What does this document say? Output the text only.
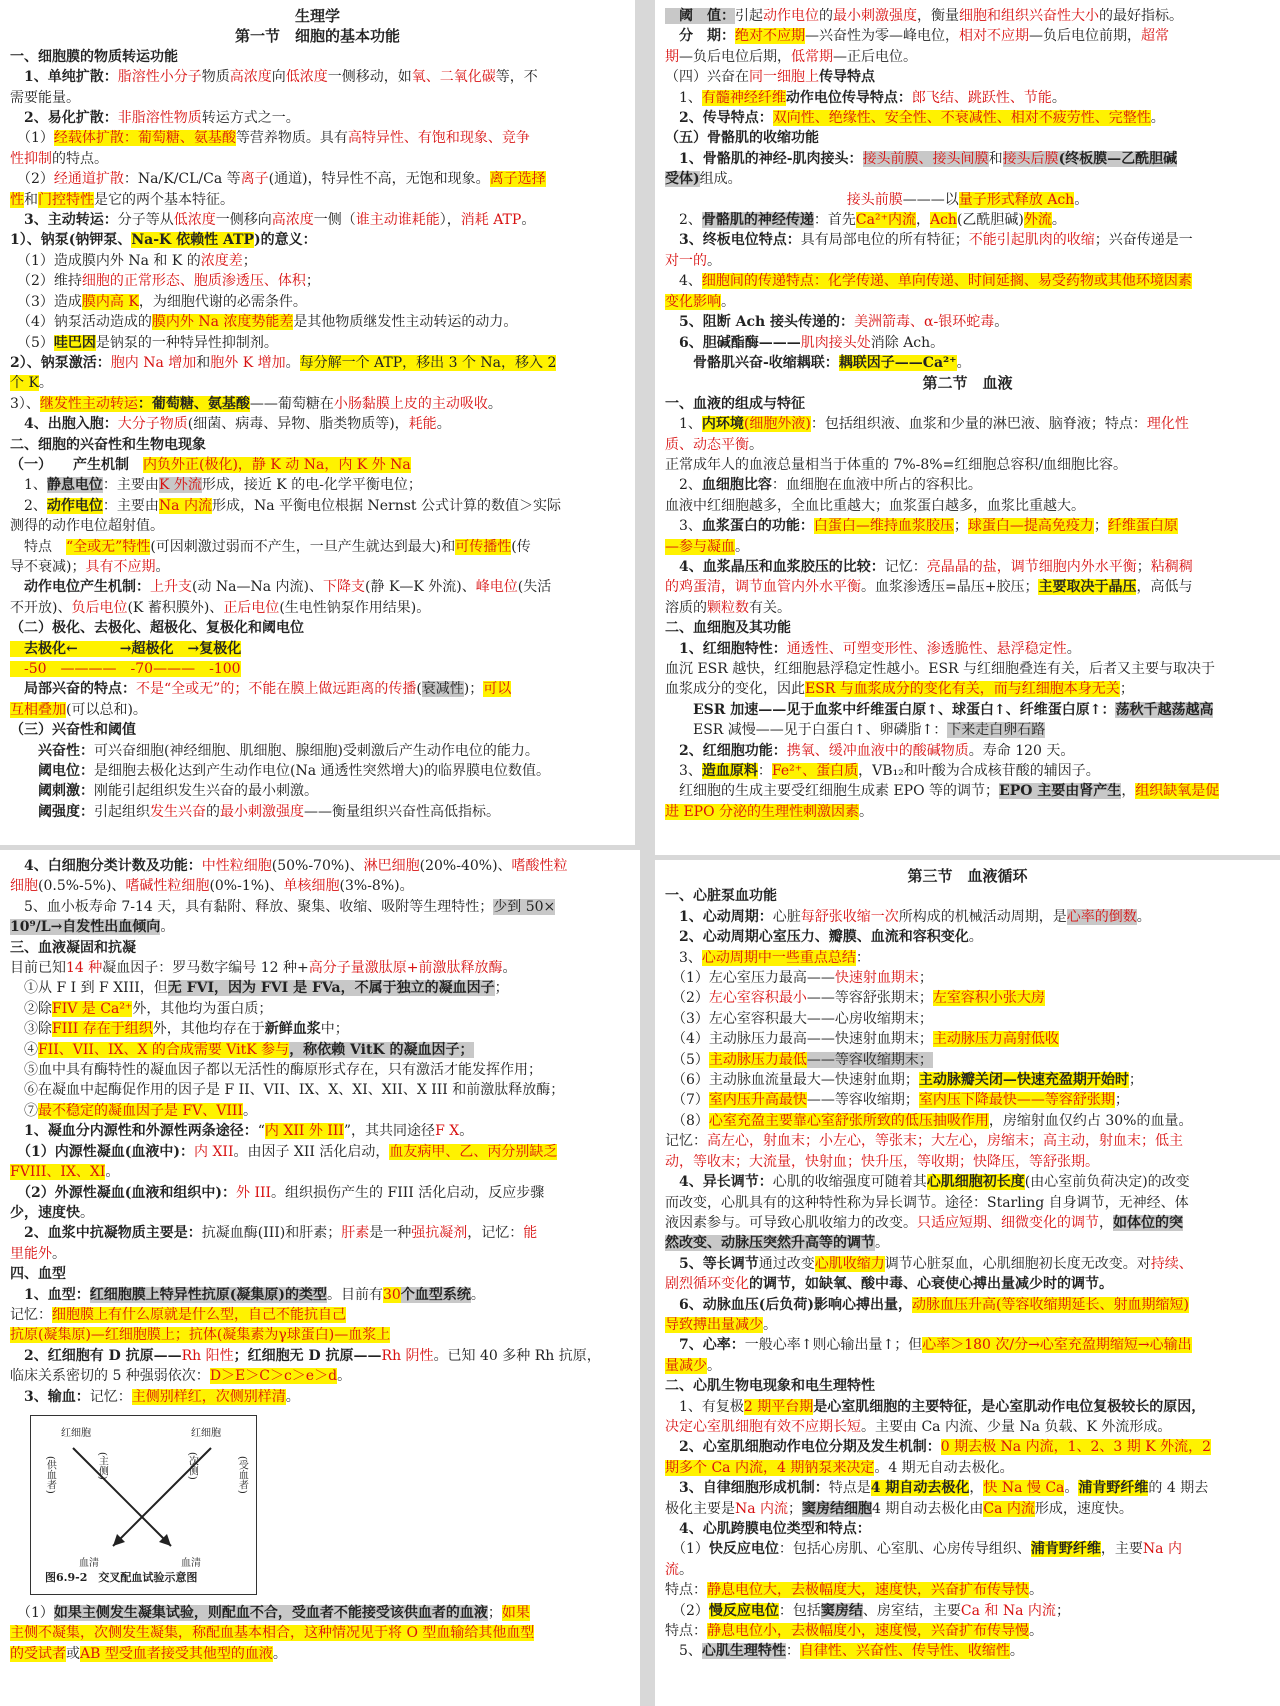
生理学
第一节　细胞的基本功能
一、细胞膜的物质转运功能
　1、单纯扩散：脂溶性小分子物质高浓度向低浓度一侧移动，如氧、二氧化碳等，不
需要能量。
　2、易化扩散：非脂溶性物质转运方式之一。
　（1）经载体扩散：葡萄糖、氨基酸等营养物质。具有高特异性、有饱和现象、竞争
性抑制的特点。
　（2）经通道扩散：Na/K/CL/Ca 等离子(通道)，特异性不高，无饱和现象。离子选择
性和门控特性是它的两个基本特征。
　3、主动转运：分子等从低浓度一侧移向高浓度一侧（谁主动谁耗能），消耗 ATP。
1）、钠泵(钠钾泵、Na-K 依赖性 ATP)的意义：
　（1）造成膜内外 Na 和 K 的浓度差；
　（2）维持细胞的正常形态、胞质渗透压、体积；
　（3）造成膜内高 K，为细胞代谢的必需条件。
　（4）钠泵活动造成的膜内外 Na 浓度势能差是其他物质继发性主动转运的动力。
　（5）哇巴因是钠泵的一种特异性抑制剂。
2）、钠泵激活：胞内 Na 增加和胞外 K 增加。每分解一个 ATP，移出 3 个 Na，移入 2
个 K。
3）、继发性主动转运：葡萄糖、氨基酸——葡萄糖在小肠黏膜上皮的主动吸收。
　4、出胞入胞：大分子物质(细菌、病毒、异物、脂类物质等)，耗能。
二、细胞的兴奋性和生物电现象
（一）　　产生机制　 内负外正(极化)，静 K 动 Na，内 K 外 Na
　1、静息电位：主要由K 外流形成，接近 K 的电-化学平衡电位；
　2、动作电位：主要由Na 内流形成，Na 平衡电位根据 Nernst 公式计算的数值＞实际
测得的动作电位超射值。
　特点　“全或无”特性(可因刺激过弱而不产生，一旦产生就达到最大)和可传播性(传
导不衰减)；具有不应期。
　动作电位产生机制：上升支(动 Na—Na 内流)、下降支(静 K—K 外流)、峰电位(失活
不开放)、负后电位(K 蓄积膜外)、正后电位(生电性钠泵作用结果)。
（二）极化、去极化、超极化、复极化和阈电位
　去极化←　　　→超极化　→复极化
　-50　————　-70———　-100
　局部兴奋的特点：不是“全或无”的；不能在膜上做远距离的传播(衰减性)；可以
互相叠加(可以总和)。
（三）兴奋性和阈值
　　兴奋性：可兴奋细胞(神经细胞、肌细胞、腺细胞)受刺激后产生动作电位的能力。
　　阈电位：是细胞去极化达到产生动作电位(Na 通透性突然增大)的临界膜电位数值。
　　阈刺激：刚能引起组织发生兴奋的最小刺激。
　　阈强度：引起组织发生兴奋的最小刺激强度——衡量组织兴奋性高低指标。
　阈　值：引起动作电位的最小刺激强度，衡量细胞和组织兴奋性大小的最好指标。
　分　期：绝对不应期—兴奋性为零—峰电位，相对不应期—负后电位前期，超常
期—负后电位后期，低常期—正后电位。
（四）兴奋在同一细胞上传导特点
　1、有髓神经纤维动作电位传导特点：郎飞结、跳跃性、节能。
　2、传导特点：双向性、绝缘性、安全性、不衰减性、相对不疲劳性、完整性。
（五）骨骼肌的收缩功能
　1、骨骼肌的神经-肌肉接头：接头前膜、接头间膜和接头后膜(终板膜—乙酰胆碱
受体)组成。
接头前膜———以量子形式释放 Ach。
　2、骨骼肌的神经传递：首先Ca²⁺内流，Ach(乙酰胆碱)外流。
　3、终板电位特点：具有局部电位的所有特征；不能引起肌肉的收缩；兴奋传递是一
对一的。
　4、细胞间的传递特点：化学传递、单向传递、时间延搁、易受药物或其他环境因素
变化影响。
　5、阻断 Ach 接头传递的：美洲箭毒、α-银环蛇毒。
　6、胆碱酯酶———肌肉接头处消除 Ach。
　　骨骼肌兴奋-收缩耦联：耦联因子——Ca²⁺。
第二节　血液
一、血液的组成与特征
　1、内环境(细胞外液)：包括组织液、血浆和少量的淋巴液、脑脊液；特点：理化性
质、动态平衡。
正常成年人的血液总量相当于体重的 7%-8%=红细胞总容积/血细胞比容。
　2、血细胞比容：血细胞在血液中所占的容积比。
血液中红细胞越多，全血比重越大；血浆蛋白越多，血浆比重越大。
　3、血浆蛋白的功能：白蛋白—维持血浆胶压；球蛋白—提高免疫力；纤维蛋白原
—参与凝血。
　4、血浆晶压和血浆胶压的比较：记忆：亮晶晶的盐，调节细胞内外水平衡；粘稠稠
的鸡蛋清，调节血管内外水平衡。血浆渗透压=晶压+胶压；主要取决于晶压，高低与
溶质的颗粒数有关。
二、血细胞及其功能
　1、红细胞特性：通透性、可塑变形性、渗透脆性、悬浮稳定性。
血沉 ESR 越快，红细胞悬浮稳定性越小。ESR 与红细胞叠连有关，后者又主要与取决于
血浆成分的变化，因此ESR 与血浆成分的变化有关，而与红细胞本身无关；
　　ESR 加速——见于血浆中纤维蛋白原↑、球蛋白↑、纤维蛋白原↑：荡秋千越荡越高
　　ESR 减慢——见于白蛋白↑、卵磷脂↑：下来走白卵石路
　2、红细胞功能：携氧、缓冲血液中的酸碱物质。寿命 120 天。
　3、造血原料：Fe²⁺、蛋白质，VB₁₂和叶酸为合成核苷酸的辅因子。
　红细胞的生成主要受红细胞生成素 EPO 等的调节；EPO 主要由肾产生，组织缺氧是促
进 EPO 分泌的生理性刺激因素。
　4、白细胞分类计数及功能：中性粒细胞(50%-70%)、淋巴细胞(20%-40%)、嗜酸性粒
细胞(0.5%-5%)、嗜碱性粒细胞(0%-1%)、单核细胞(3%-8%)。
　5、血小板寿命 7-14 天，具有黏附、释放、聚集、收缩、吸附等生理特性；少到 50×
10⁹/L→自发性出血倾向。
三、血液凝固和抗凝
目前已知14 种凝血因子：罗马数字编号 12 种+高分子量激肽原+前激肽释放酶。
　①从 F I 到 F XIII，但无 FVI，因为 FVI 是 FVa，不属于独立的凝血因子；
　②除FIV 是 Ca²⁺外，其他均为蛋白质；
　③除FIII 存在于组织外，其他均存在于新鲜血浆中；
　④FII、VII、IX、X 的合成需要 VitK 参与，称依赖 VitK 的凝血因子；
　⑤血中具有酶特性的凝血因子都以无活性的酶原形式存在，只有激活才能发挥作用；
　⑥在凝血中起酶促作用的因子是 F II、VII、IX、X、XI、XII、X III 和前激肽释放酶；
　⑦最不稳定的凝血因子是 FV、VIII。
　1、凝血分内源性和外源性两条途径：“内 XII 外 III”，其共同途径F X。
　（1）内源性凝血(血液中)：内 XII。由因子 XII 活化启动，血友病甲、乙、丙分别缺乏
FVIII、IX、XI。
　（2）外源性凝血(血液和组织中)：外 III。组织损伤产生的 FIII 活化启动，反应步骤
少，速度快。
　2、血浆中抗凝物质主要是：抗凝血酶(III)和肝素；肝素是一种强抗凝剂，记忆：能
里能外。
四、血型
　1、血型：红细胞膜上特异性抗原(凝集原)的类型。目前有30个血型系统。
记忆：细胞膜上有什么原就是什么型，自己不能抗自己
抗原(凝集原)—红细胞膜上；抗体(凝集素为γ球蛋白)—血浆上
　2、红细胞有 D 抗原——Rh 阳性；红细胞无 D 抗原——Rh 阴性。已知 40 多种 Rh 抗原，
临床关系密切的 5 种强弱依次：D＞E＞C＞c＞e＞d。
　3、输血：记忆：主侧别样红，次侧别样清。
红细胞	红细胞
(主侧)	(次侧)
(供血者)	(受血者)
血清	血清
图6.9-2　交叉配血试验示意图
　（1）如果主侧发生凝集试验，则配血不合，受血者不能接受该供血者的血液；如果
主侧不凝集，次侧发生凝集，称配血基本相合，这种情况见于将 O 型血输给其他血型
的受试者或AB 型受血者接受其他型的血液。
第三节　血液循环
一、心脏泵血功能
　1、心动周期：心脏每舒张收缩一次所构成的机械活动周期，是心率的倒数。
　2、心动周期心室压力、瓣膜、血流和容积变化。
　3、心动周期中一些重点总结：
　（1）左心室压力最高——快速射血期末；
　（2）左心室容积最小——等容舒张期末；左室容积小张大房
　（3）左心室容积最大——心房收缩期末；
　（4）主动脉压力最高——快速射血期末；主动脉压力高射低收
　（5）主动脉压力最低——等容收缩期末；
　（6）主动脉血流量最大—快速射血期；主动脉瓣关闭—快速充盈期开始时；
　（7）室内压升高最快——等容收缩期；室内压下降最快——等容舒张期；
　（8）心室充盈主要靠心室舒张所致的低压抽吸作用，房缩射血仅约占 30%的血量。
记忆：高左心，射血末；小左心，等张末；大左心，房缩末；高主动，射血末；低主
动，等收末；大流量，快射血；快升压，等收期；快降压，等舒张期。
　4、异长调节：心肌的收缩强度可随着其心肌细胞初长度(由心室前负荷决定)的改变
而改变，心肌具有的这种特性称为异长调节。途径：Starling 自身调节，无神经、体
液因素参与。可导致心肌收缩力的改变。只适应短期、细微变化的调节，如体位的突
然改变、动脉压突然升高等的调节。
　5、等长调节通过改变心肌收缩力调节心脏泵血，心肌细胞初长度无改变。对持续、
剧烈循环变化的调节，如缺氧、酸中毒、心衰使心搏出量减少时的调节。
　6、动脉血压(后负荷)影响心搏出量，动脉血压升高(等容收缩期延长、射血期缩短)
导致搏出量减少。
　7、心率：一般心率↑则心输出量↑；但心率＞180 次/分→心室充盈期缩短→心输出
量减少。
二、心肌生物电现象和电生理特性
　1、有复极2 期平台期是心室肌细胞的主要特征，是心室肌动作电位复极较长的原因，
决定心室肌细胞有效不应期长短。主要由 Ca 内流、少量 Na 负载、K 外流形成。
　2、心室肌细胞动作电位分期及发生机制：0 期去极 Na 内流，1、2、3 期 K 外流，2
期多个 Ca 内流，4 期钠泵来决定。4 期无自动去极化。
　3、自律细胞形成机制：特点是4 期自动去极化，快 Na 慢 Ca。浦肯野纤维的 4 期去
极化主要是Na 内流；窦房结细胞4 期自动去极化由Ca 内流形成，速度快。
　4、心肌跨膜电位类型和特点：
　（1）快反应电位：包括心房肌、心室肌、心房传导组织、浦肯野纤维，主要Na 内
流。
特点：静息电位大，去极幅度大，速度快，兴奋扩布传导快。
　（2）慢反应电位：包括窦房结、房室结，主要Ca 和 Na 内流；
特点：静息电位小，去极幅度小，速度慢，兴奋扩布传导慢。
　5、心肌生理特性：自律性、兴奋性、传导性、收缩性。
